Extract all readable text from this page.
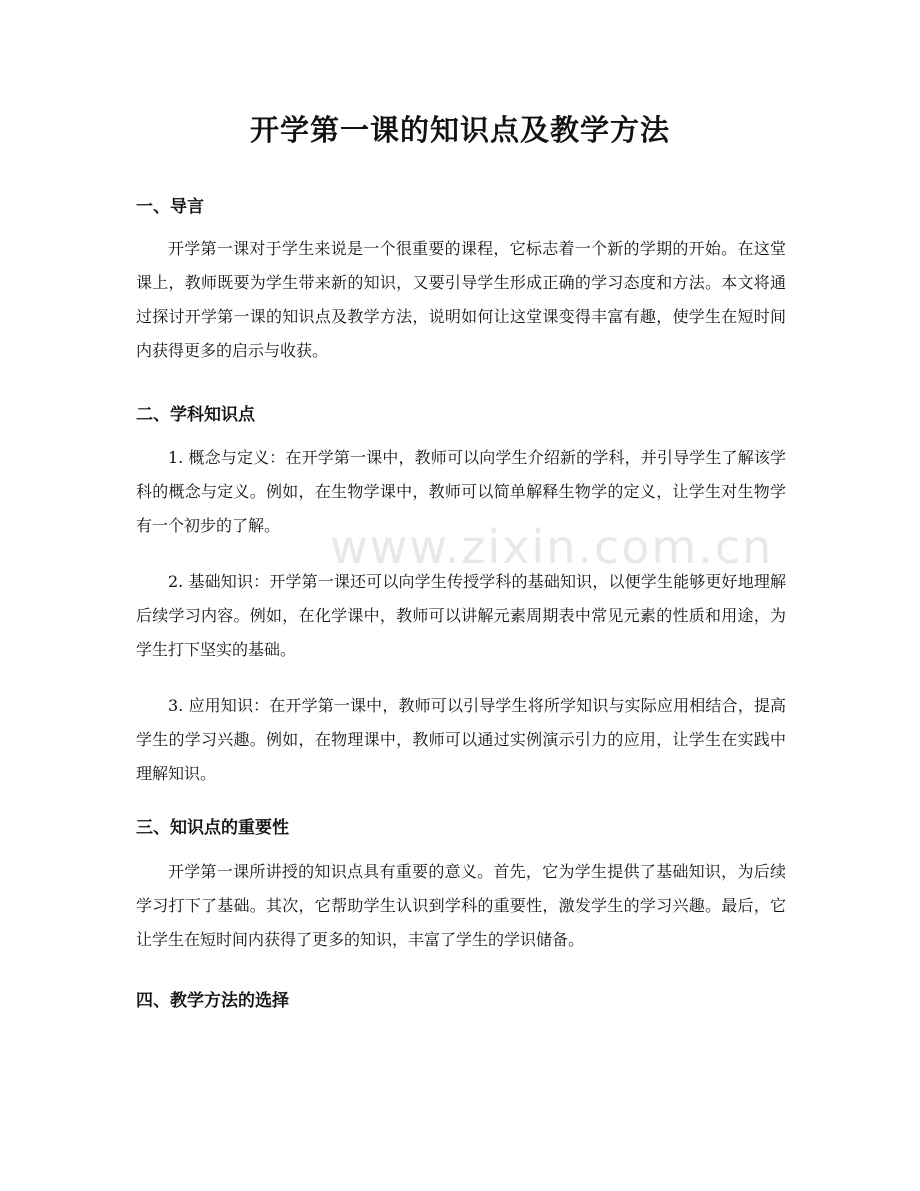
www.zixin.com.cn
开学第一课的知识点及教学方法
一、导言

开学第一课对于学生来说是一个很重要的课程，它标志着一个新的学期的开始。在这堂课上，教师既要为学生带来新的知识，又要引导学生形成正确的学习态度和方法。本文将通过探讨开学第一课的知识点及教学方法，说明如何让这堂课变得丰富有趣，使学生在短时间内获得更多的启示与收获。

二、学科知识点

1. 概念与定义：在开学第一课中，教师可以向学生介绍新的学科，并引导学生了解该学科的概念与定义。例如，在生物学课中，教师可以简单解释生物学的定义，让学生对生物学有一个初步的了解。

2. 基础知识：开学第一课还可以向学生传授学科的基础知识，以便学生能够更好地理解后续学习内容。例如，在化学课中，教师可以讲解元素周期表中常见元素的性质和用途，为学生打下坚实的基础。

3. 应用知识：在开学第一课中，教师可以引导学生将所学知识与实际应用相结合，提高学生的学习兴趣。例如，在物理课中，教师可以通过实例演示引力的应用，让学生在实践中理解知识。

三、知识点的重要性

开学第一课所讲授的知识点具有重要的意义。首先，它为学生提供了基础知识，为后续学习打下了基础。其次，它帮助学生认识到学科的重要性，激发学生的学习兴趣。最后，它让学生在短时间内获得了更多的知识，丰富了学生的学识储备。

四、教学方法的选择
